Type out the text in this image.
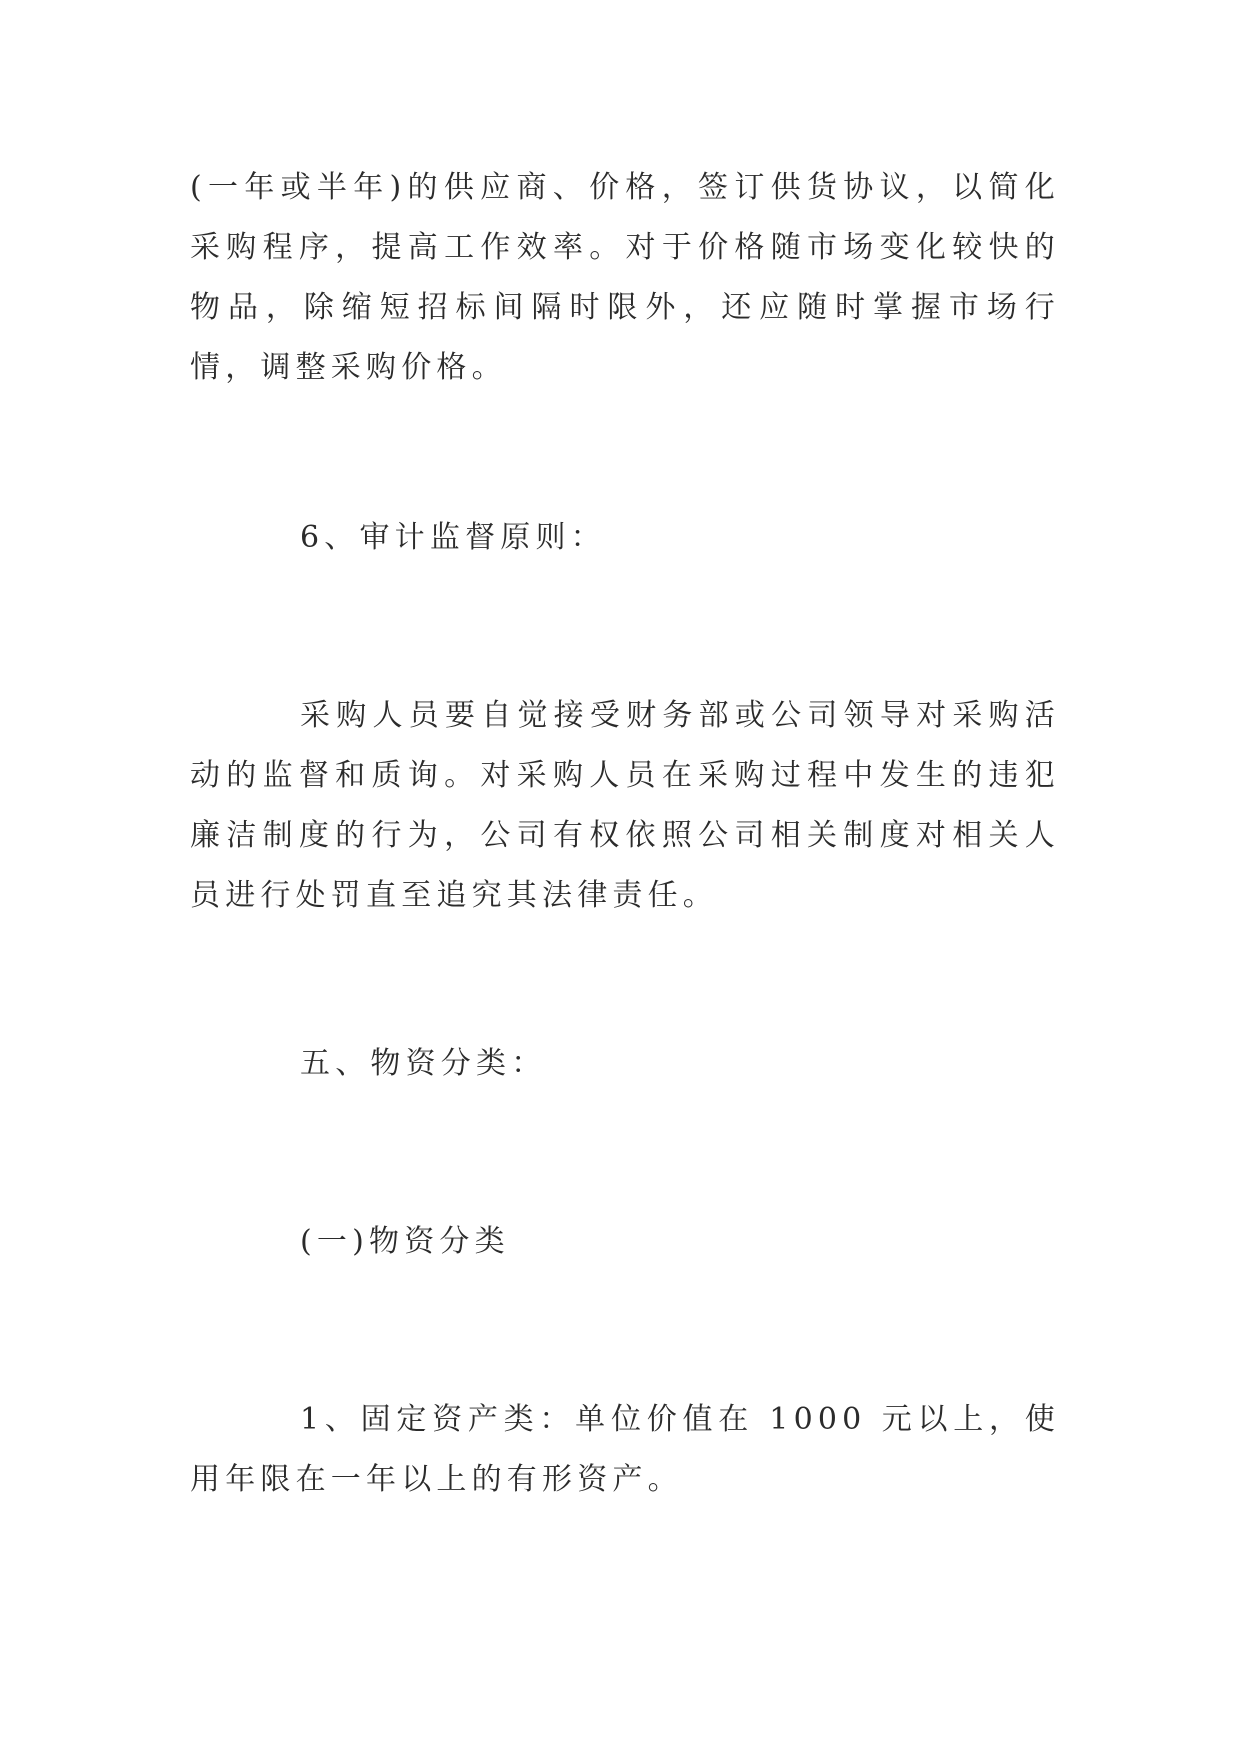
(一年或半年)的供应商、价格，签订供货协议，以简化采购程序，提高工作效率。对于价格随市场变化较快的物品，除缩短招标间隔时限外，还应随时掌握市场行情，调整采购价格。

6、审计监督原则：

采购人员要自觉接受财务部或公司领导对采购活动的监督和质询。对采购人员在采购过程中发生的违犯廉洁制度的行为，公司有权依照公司相关制度对相关人员进行处罚直至追究其法律责任。

五、物资分类：

(一)物资分类

1、固定资产类：单位价值在 1000 元以上，使用年限在一年以上的有形资产。
